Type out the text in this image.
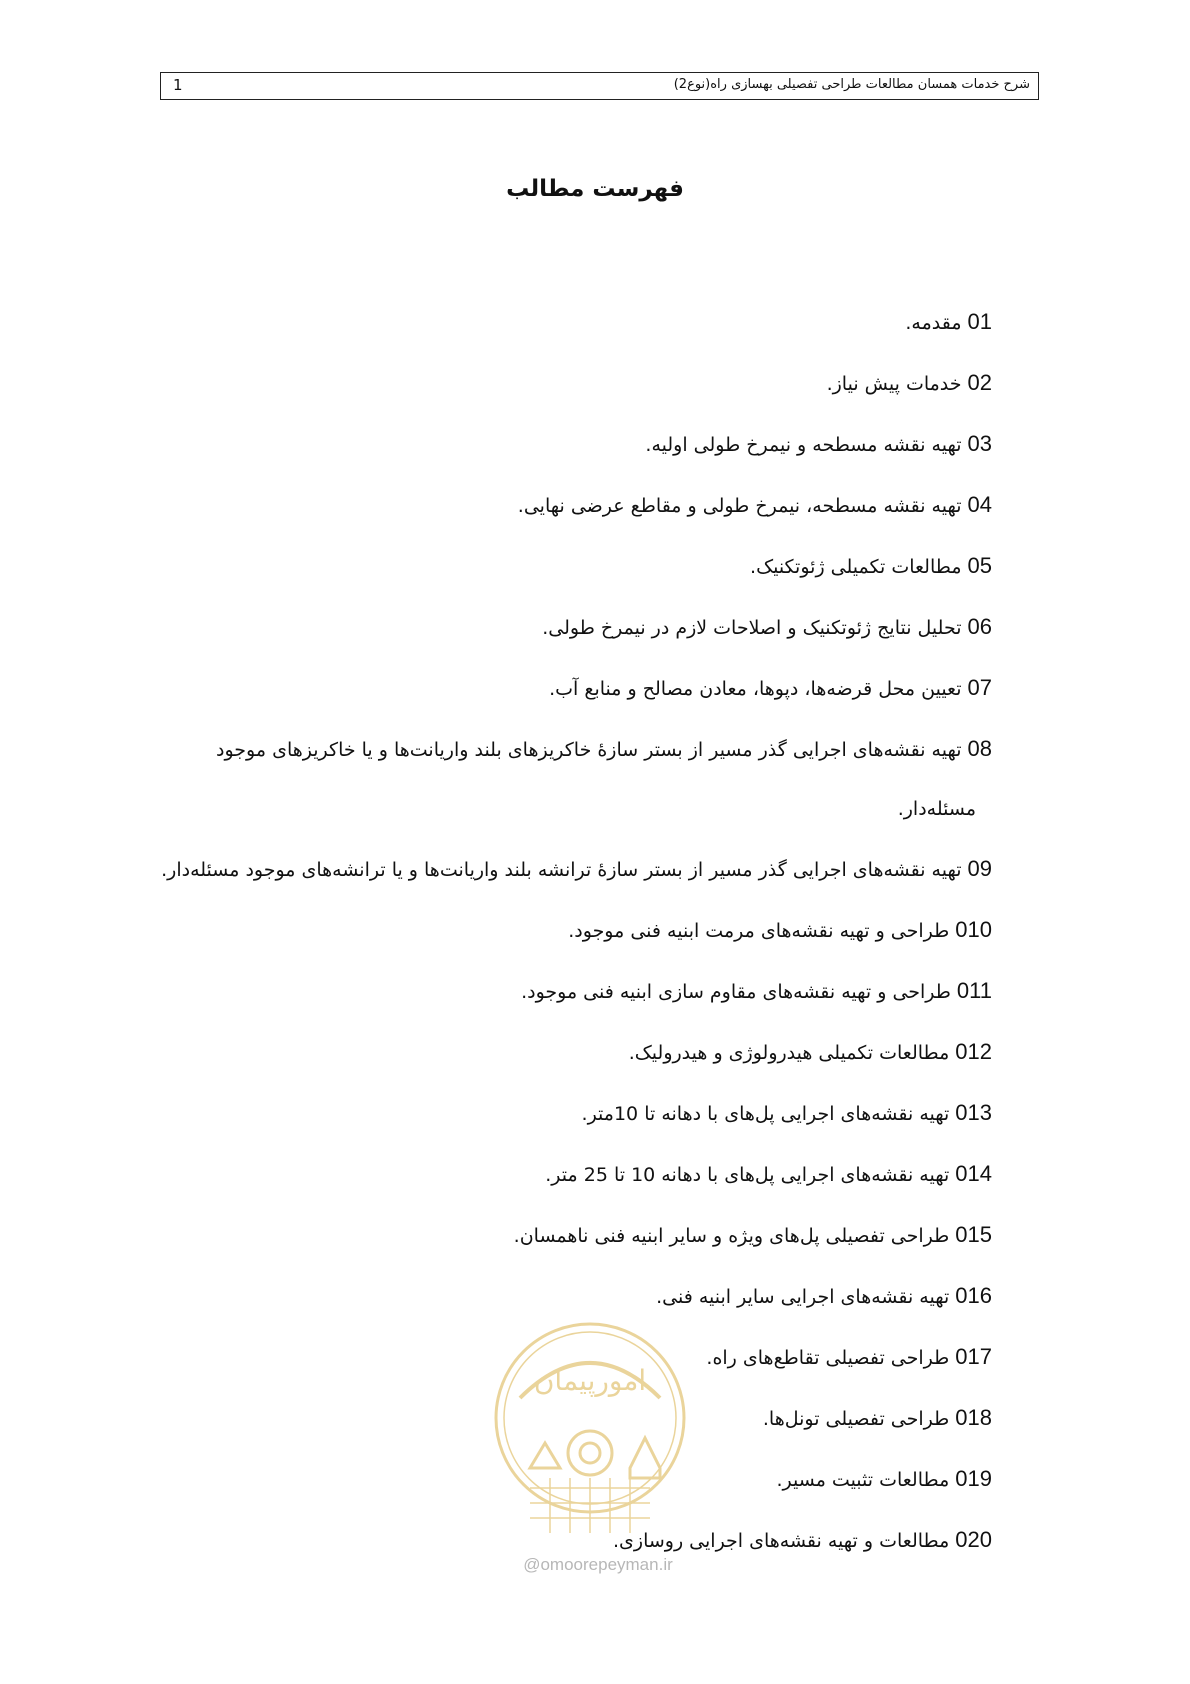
شرح خدمات همسان مطالعات طراحی تفصیلی بهسازی راه(نوع2)
1
فهرست مطالب
01مقدمه.
02خدمات پیش نیاز.
03تهیه نقشه مسطحه و نیمرخ طولی اولیه.
04تهیه نقشه مسطحه، نیمرخ طولی و مقاطع عرضی نهایی.
05مطالعات تکمیلی ژئوتکنیک.
06تحلیل نتایج ژئوتکنیک و اصلاحات لازم در نیمرخ طولی.
07تعیین محل قرضه‌ها، دپوها، معادن مصالح و منابع آب.
08تهیه نقشه‌های اجرایی گذر مسیر از بستر سازهٔ خاکریزهای بلند واریانت‌ها و یا خاکریزهای موجود
مسئله‌دار.
09تهیه نقشه‌های اجرایی گذر مسیر از بستر سازهٔ ترانشه بلند واریانت‌ها و یا ترانشه‌های موجود مسئله‌دار.
010طراحی و تهیه نقشه‌های مرمت ابنیه فنی موجود.
011طراحی و تهیه نقشه‌های مقاوم سازی ابنیه فنی موجود.
012مطالعات تکمیلی هیدرولوژی و هیدرولیک.
013تهیه نقشه‌های اجرایی پل‌های با دهانه تا 10متر.
014تهیه نقشه‌های اجرایی پل‌های با دهانه 10 تا 25 متر.
015طراحی تفصیلی پل‌های ویژه و سایر ابنیه فنی ناهمسان.
016تهیه نقشه‌های اجرایی سایر ابنیه فنی.
017طراحی تفصیلی تقاطع‌های راه.
018طراحی تفصیلی تونل‌ها.
019مطالعات تثبیت مسیر.
020مطالعات و تهیه نقشه‌های اجرایی روسازی.
امورپیمان
@omoorepeyman.ir
